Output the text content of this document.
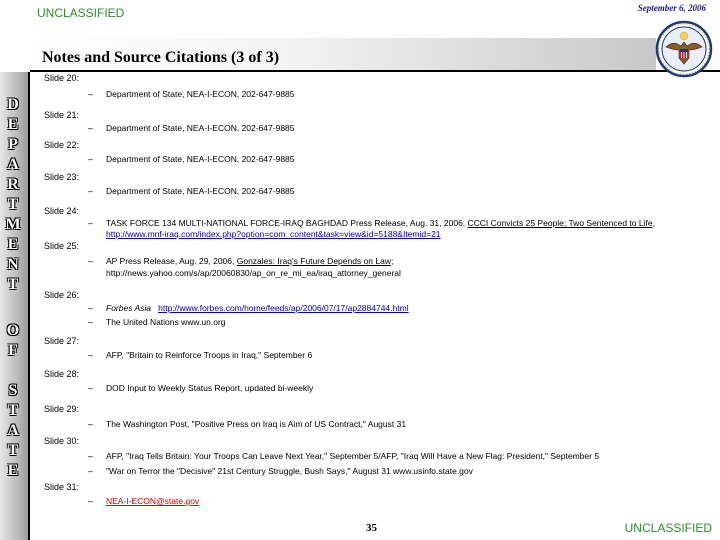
UNCLASSIFIED	September 6, 2006
Notes and Source Citations (3 of 3)
D
E
P
A
R
T
M
E
N
T
O
F
S
T
A
T
E
Slide 20:
– Department of State, NEA-I-ECON, 202-647-9885
Slide 21:
– Department of State, NEA-I-ECON, 202-647-9885
Slide 22:
– Department of State, NEA-I-ECON, 202-647-9885
Slide 23:
– Department of State, NEA-I-ECON, 202-647-9885
Slide 24:
– TASK FORCE 134 MULTI-NATIONAL FORCE-IRAQ BAGHDAD Press Release, Aug. 31, 2006, CCCI Convicts 25 People; Two Sentenced to Life, http://www.mnf-iraq.com/index.php?option=com_content&task=view&id=5188&Itemid=21
Slide 25:
– AP Press Release, Aug. 29, 2006, Gonzales: Iraq's Future Depends on Law;
http://news.yahoo.com/s/ap/20060830/ap_on_re_mi_ea/iraq_attorney_general
Slide 26:
– Forbes Asia http://www.forbes.com/home/feeds/ap/2006/07/17/ap2884744.html
– The United Nations www.un.org
Slide 27:
– AFP, "Britain to Reinforce Troops in Iraq," September 6
Slide 28:
– DOD Input to Weekly Status Report, updated bi-weekly
Slide 29:
– The Washington Post, "Positive Press on Iraq is Aim of US Contract," August 31
Slide 30:
– AFP, "Iraq Tells Britain: Your Troops Can Leave Next Year," September 5/AFP, "Iraq Will Have a New Flag: President," September 5
– "War on Terror the "Decisive" 21st Century Struggle, Bush Says," August 31 www.usinfo.state.gov
Slide 31:
– NEA-I-ECON@state.gov
35	UNCLASSIFIED
